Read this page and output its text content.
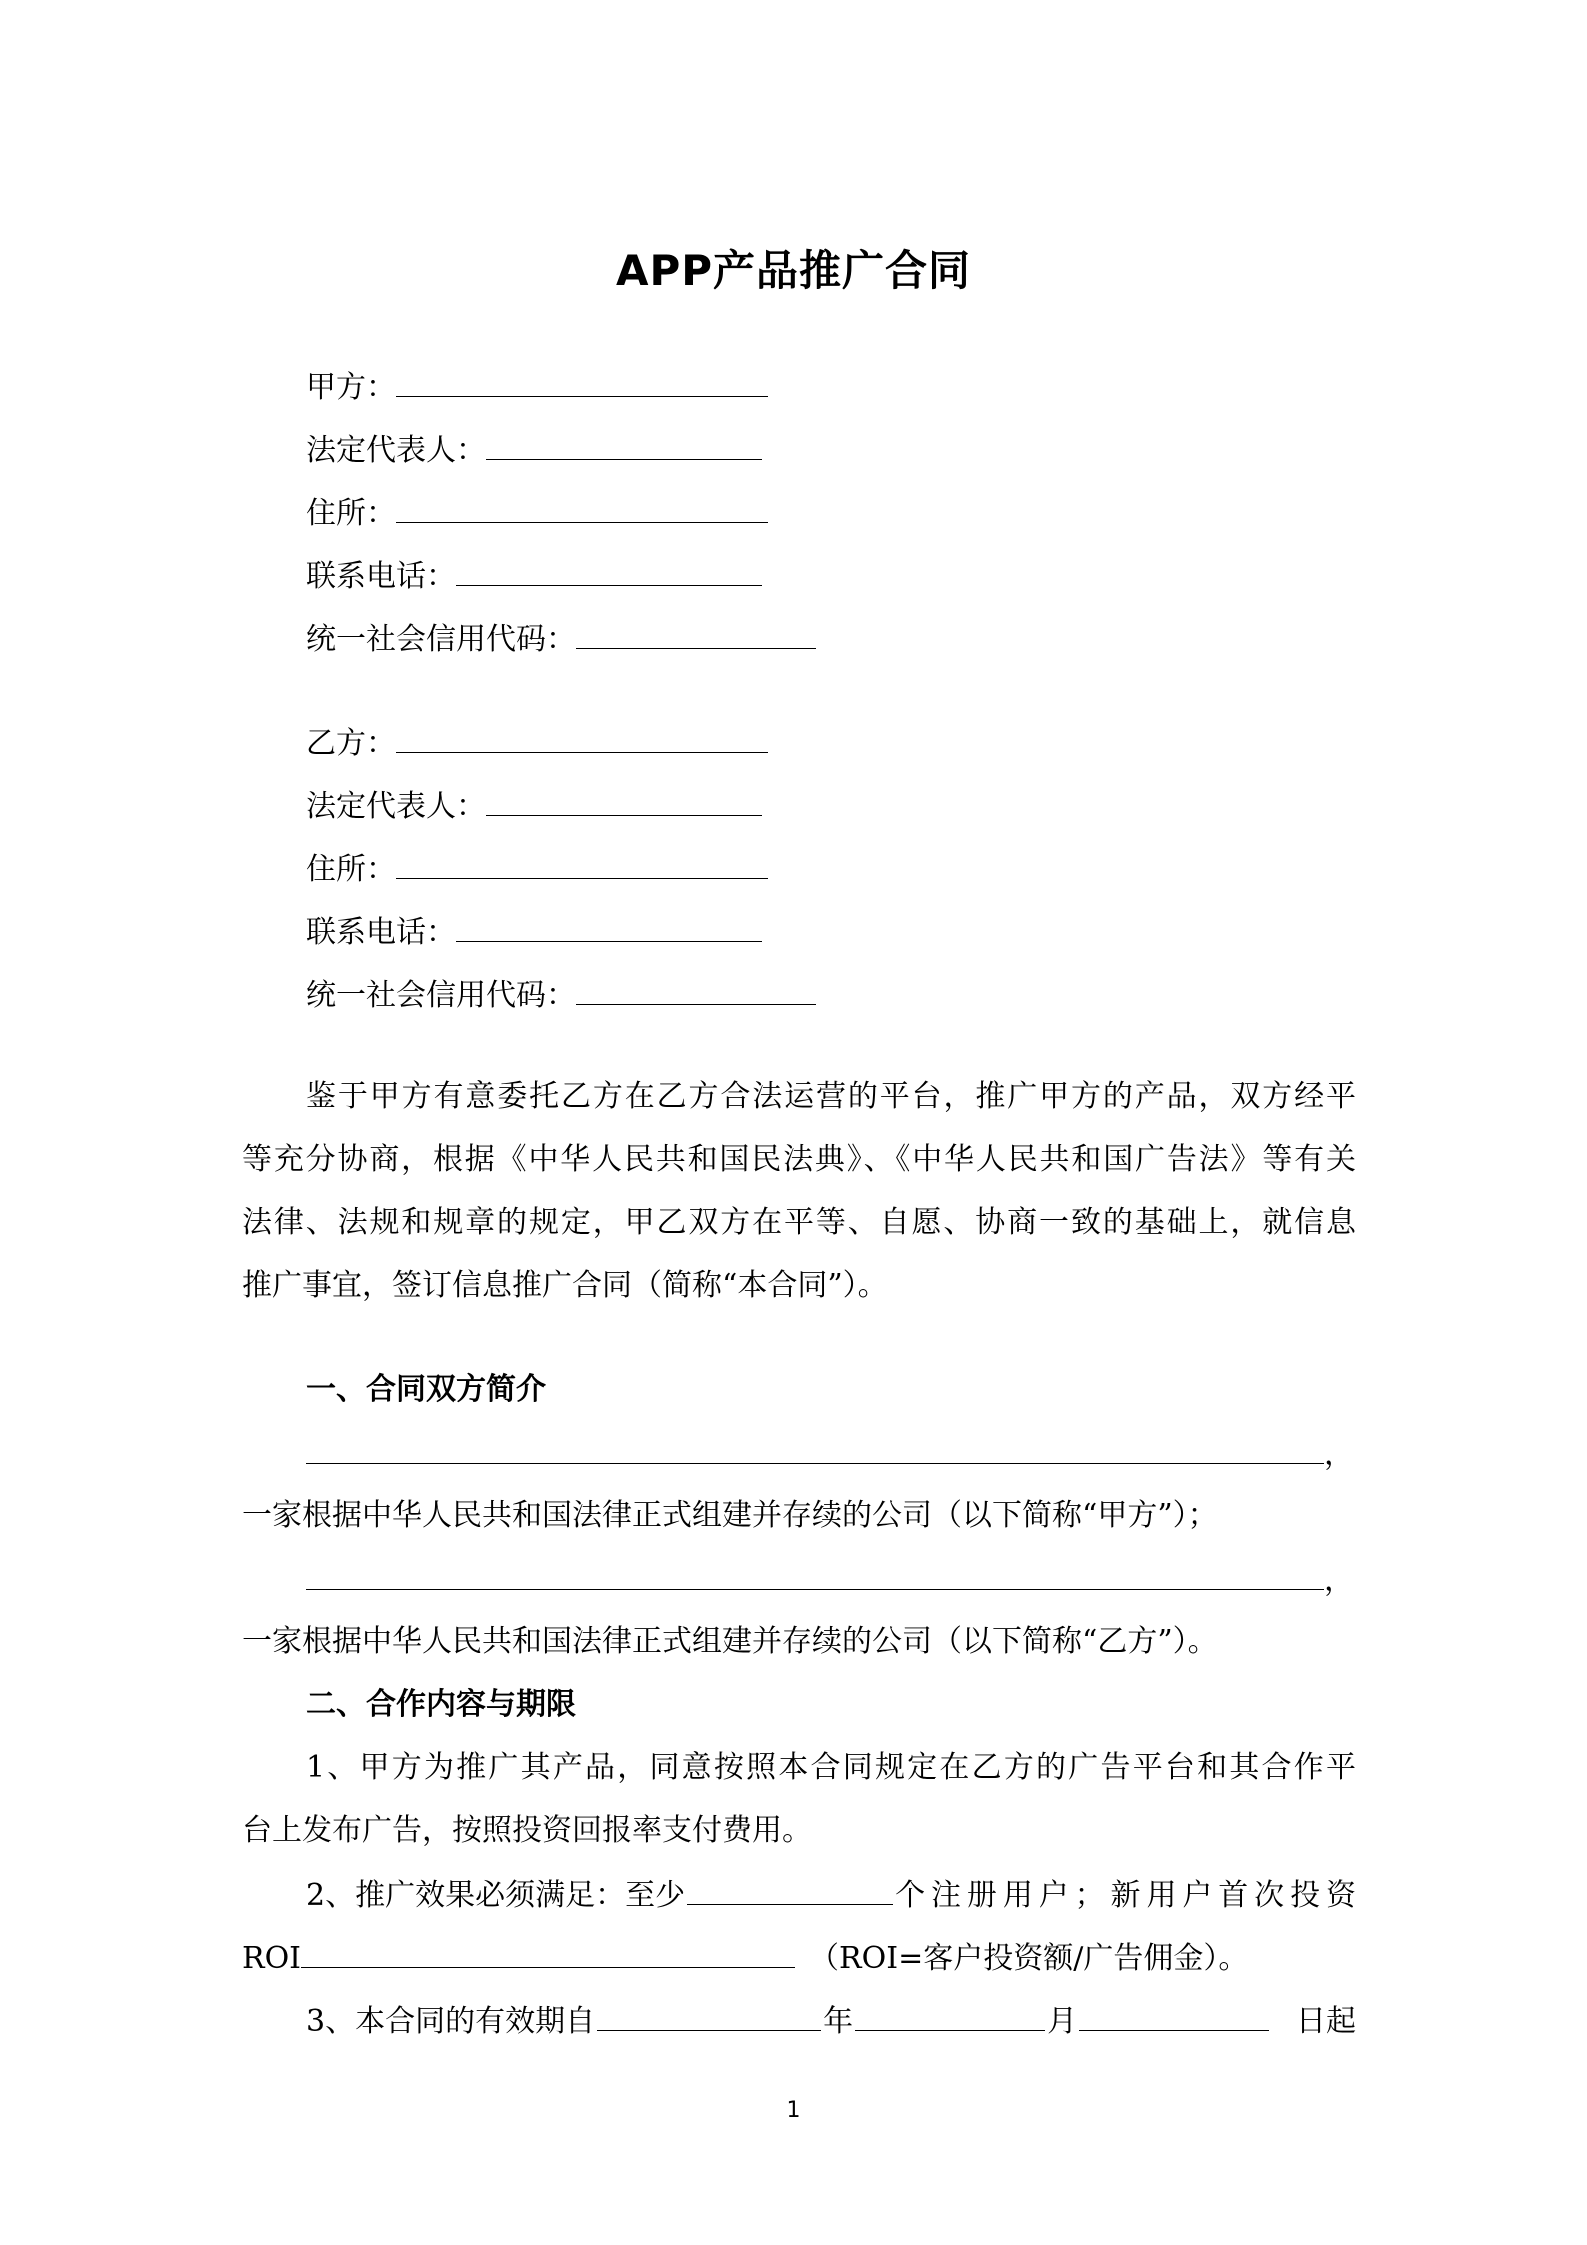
APP产品推广合同
甲方：
法定代表人：
住所：
联系电话：
统一社会信用代码：
乙方：
法定代表人：
住所：
联系电话：
统一社会信用代码：
鉴于甲方有意委托乙方在乙方合法运营的平台，推广甲方的产品，双方经平
等充分协商，根据《中华人民共和国民法典》、《中华人民共和国广告法》等有关
法律、法规和规章的规定，甲乙双方在平等、自愿、协商一致的基础上，就信息
推广事宜，签订信息推广合同（简称“本合同”）。
一、合同双方简介
，
一家根据中华人民共和国法律正式组建并存续的公司（以下简称“甲方”）；
，
一家根据中华人民共和国法律正式组建并存续的公司（以下简称“乙方”）。
二、合作内容与期限
1、甲方为推广其产品，同意按照本合同规定在乙方的广告平台和其合作平
台上发布广告，按照投资回报率支付费用。
2、推广效果必须满足：至少	个注册用户；新用户首次投资
ROI	（ROI=客户投资额/广告佣金）。
3、本合同的有效期自	年	月	日起
1
